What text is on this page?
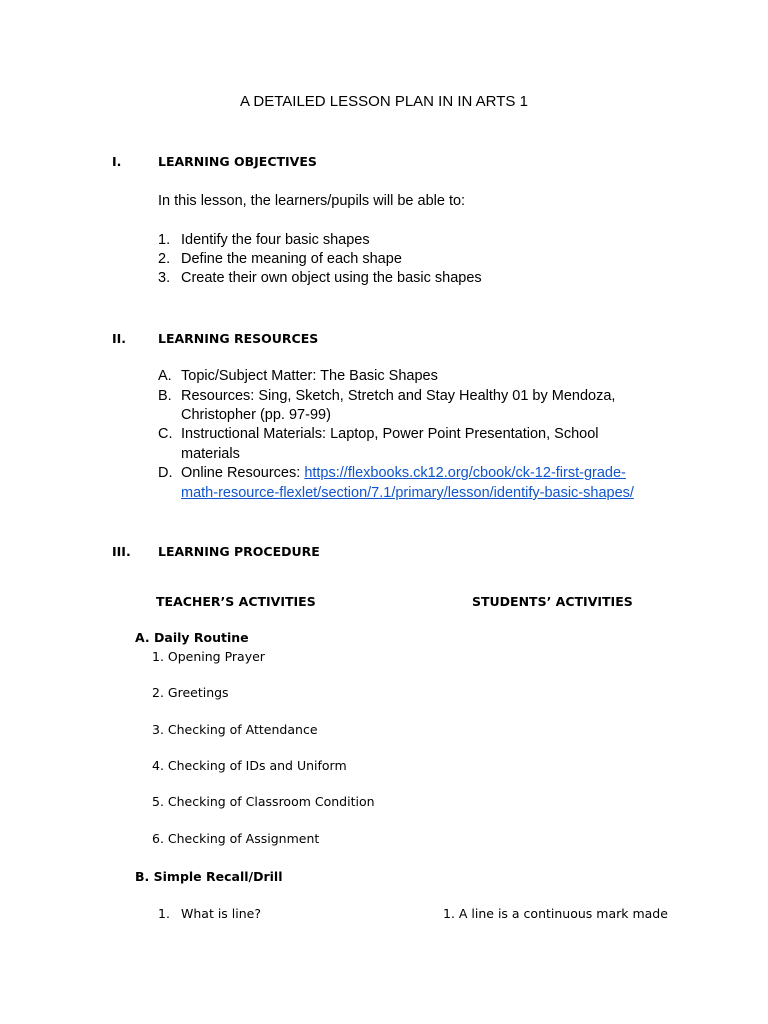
A DETAILED LESSON PLAN IN IN ARTS 1
I.	LEARNING OBJECTIVES
In this lesson, the learners/pupils will be able to:
1. Identify the four basic shapes
2. Define the meaning of each shape
3. Create their own object using the basic shapes
II.	LEARNING RESOURCES
A. Topic/Subject Matter: The Basic Shapes
B. Resources: Sing, Sketch, Stretch and Stay Healthy 01 by Mendoza,
Christopher (pp. 97-99)
C. Instructional Materials: Laptop, Power Point Presentation, School
materials
D. Online Resources: https://flexbooks.ck12.org/cbook/ck-12-first-grade-
math-resource-flexlet/section/7.1/primary/lesson/identify-basic-shapes/
III. LEARNING PROCEDURE
TEACHER’S ACTIVITIES	STUDENTS’ ACTIVITIES
A. Daily Routine
1. Opening Prayer
2. Greetings
3. Checking of Attendance
4. Checking of IDs and Uniform
5. Checking of Classroom Condition
6. Checking of Assignment
B. Simple Recall/Drill
1. What is line?	1. A line is a continuous mark made
